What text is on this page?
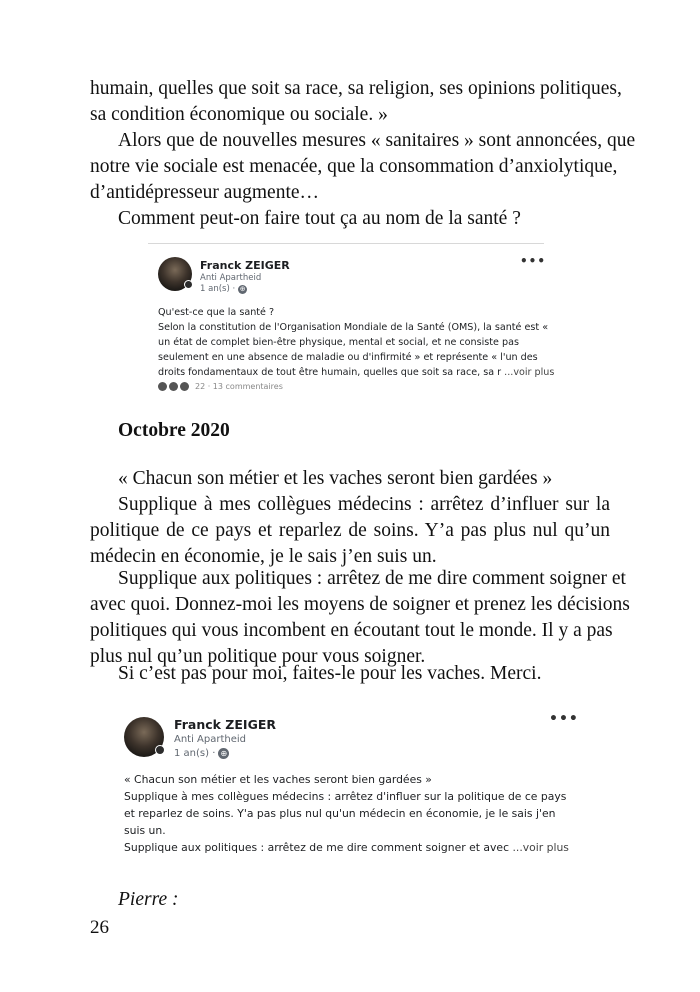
humain, quelles que soit sa race, sa religion, ses opinions politiques,
sa condition économique ou sociale. »
Alors que de nouvelles mesures « sanitaires » sont annoncées, que
notre vie sociale est menacée, que la consommation d’anxiolytique,
d’antidépresseur augmente…
Comment peut-on faire tout ça au nom de la santé ?
Franck ZEIGER
Anti Apartheid
1 an(s) · ⊕
•••
Qu'est-ce que la santé ?
Selon la constitution de l'Organisation Mondiale de la Santé (OMS), la santé est «
un état de complet bien-être physique, mental et social, et ne consiste pas
seulement en une absence de maladie ou d'infirmité » et représente « l'un des
droits fondamentaux de tout être humain, quelles que soit sa race, sa r ...voir plus
22 · 13 commentaires
Octobre 2020
« Chacun son métier et les vaches seront bien gardées »
Supplique à mes collègues médecins : arrêtez d’influer sur la
politique de ce pays et reparlez de soins. Y’a pas plus nul qu’un
médecin en économie, je le sais j’en suis un.
Supplique aux politiques : arrêtez de me dire comment soigner et
avec quoi. Donnez-moi les moyens de soigner et prenez les décisions
politiques qui vous incombent en écoutant tout le monde. Il y a pas
plus nul qu’un politique pour vous soigner.
Si c’est pas pour moi, faites-le pour les vaches. Merci.
Franck ZEIGER
Anti Apartheid
1 an(s) · ⊕
•••
« Chacun son métier et les vaches seront bien gardées »
Supplique à mes collègues médecins : arrêtez d'influer sur la politique de ce pays
et reparlez de soins. Y'a pas plus nul qu'un médecin en économie, je le sais j'en
suis un.
Supplique aux politiques : arrêtez de me dire comment soigner et avec ...voir plus
Pierre :
26
